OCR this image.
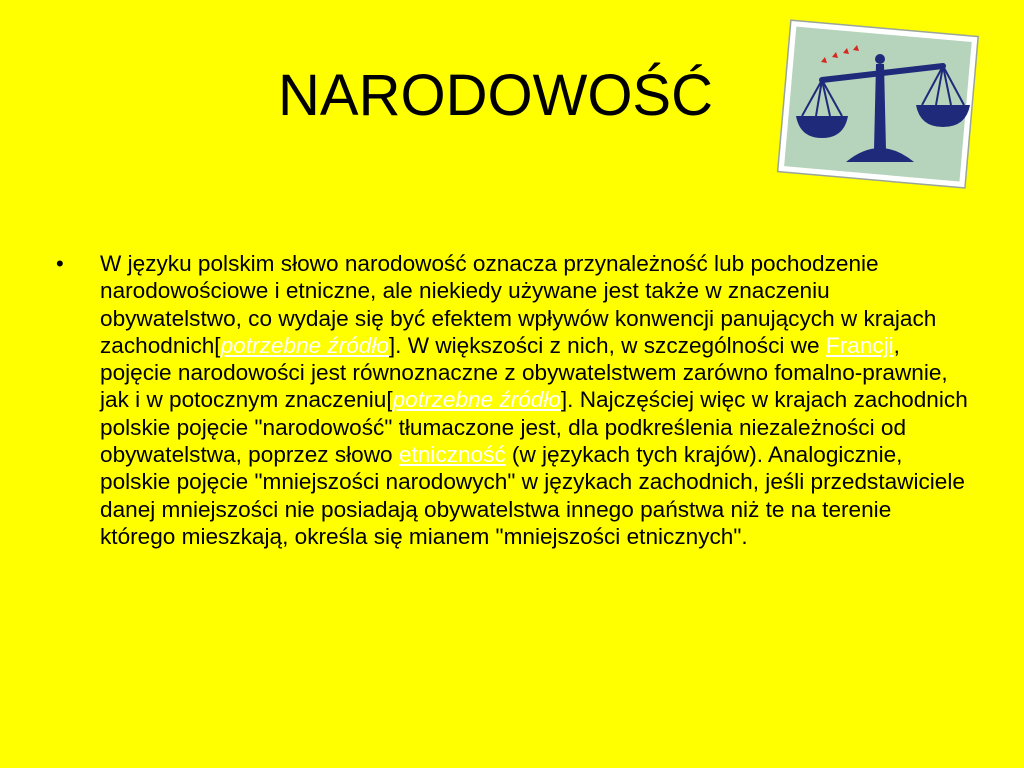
NARODOWOŚĆ
•	W języku polskim słowo narodowość oznacza przynależność lub pochodzenie narodowościowe i etniczne, ale niekiedy używane jest także w znaczeniu obywatelstwo, co wydaje się być efektem wpływów konwencji panujących w krajach zachodnich[potrzebne źródło]. W większości z nich, w szczególności we Francji, pojęcie narodowości jest równoznaczne z obywatelstwem zarówno fomalno-prawnie, jak i w potocznym znaczeniu[potrzebne źródło]. Najczęściej więc w krajach zachodnich polskie pojęcie "narodowość" tłumaczone jest, dla podkreślenia niezależności od obywatelstwa, poprzez słowo etniczność (w językach tych krajów). Analogicznie, polskie pojęcie "mniejszości narodowych" w językach zachodnich, jeśli przedstawiciele danej mniejszości nie posiadają obywatelstwa innego państwa niż te na terenie którego mieszkają, określa się mianem "mniejszości etnicznych".
